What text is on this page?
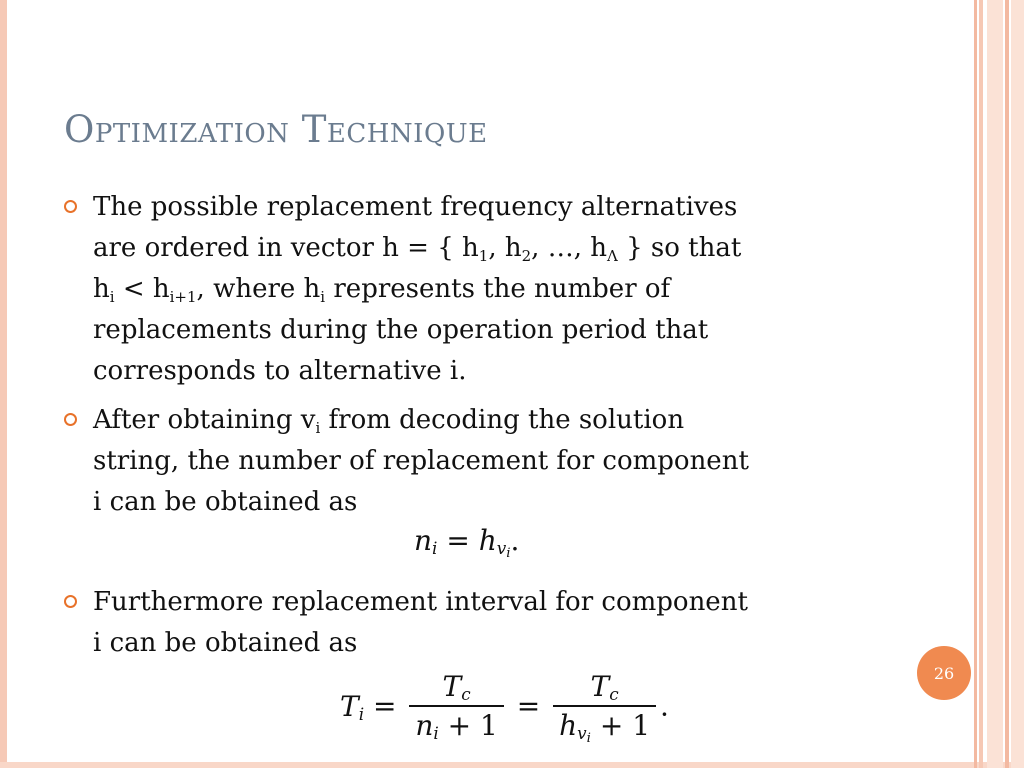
Optimization Technique
The possible replacement frequency alternatives
are ordered in vector h = { $h_1$, $h_2$, …, $h_\Lambda$ } so that
$h_i < h_{i+1}$, where $h_i$ represents the number of
replacements during the operation period that
corresponds to alternative i.
After obtaining $v_i$ from decoding the solution
string, the number of replacement for component
i can be obtained as
$n_i = h_{v_i}$.
Furthermore replacement interval for component
i can be obtained as
$T_i = \frac{T_c}{n_i + 1} = \frac{T_c}{h_{v_i} + 1}$ .
26
